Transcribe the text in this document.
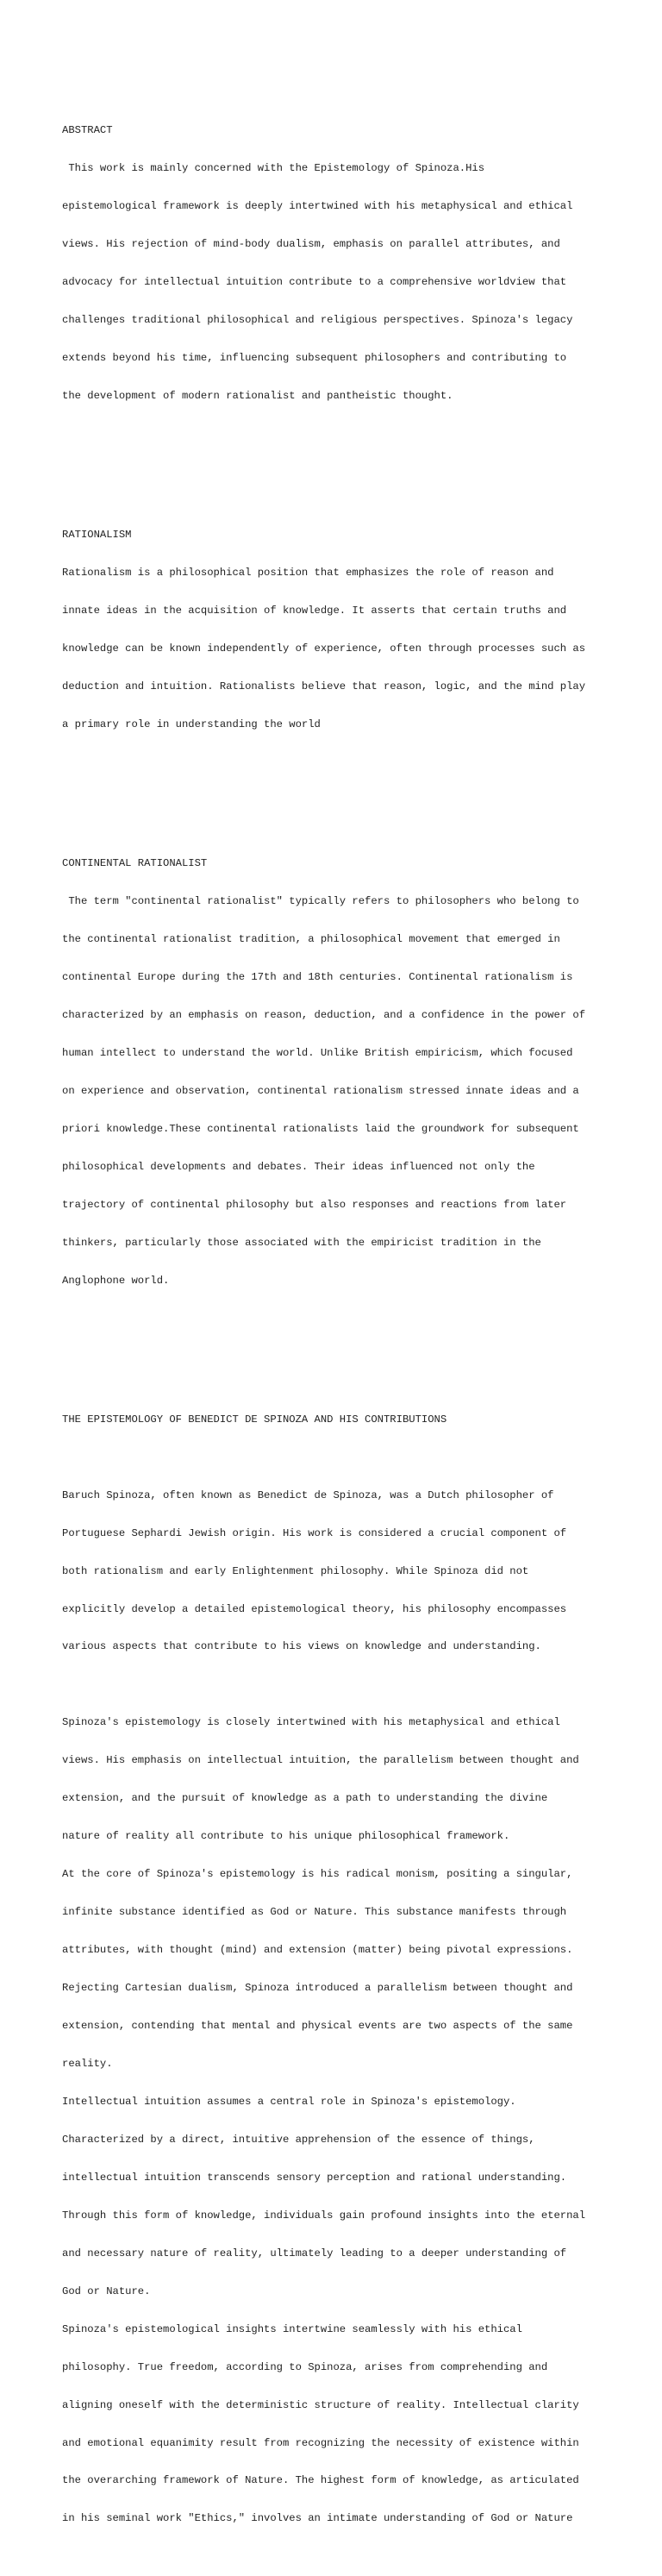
ABSTRACT

This work is mainly concerned with the Epistemology of Spinoza.His

epistemological framework is deeply intertwined with his metaphysical and ethical

views. His rejection of mind-body dualism, emphasis on parallel attributes, and

advocacy for intellectual intuition contribute to a comprehensive worldview that

challenges traditional philosophical and religious perspectives. Spinoza's legacy

extends beyond his time, influencing subsequent philosophers and contributing to

the development of modern rationalist and pantheistic thought.

RATIONALISM

Rationalism is a philosophical position that emphasizes the role of reason and

innate ideas in the acquisition of knowledge. It asserts that certain truths and

knowledge can be known independently of experience, often through processes such as

deduction and intuition. Rationalists believe that reason, logic, and the mind play

a primary role in understanding the world

CONTINENTAL RATIONALIST

The term "continental rationalist" typically refers to philosophers who belong to

the continental rationalist tradition, a philosophical movement that emerged in

continental Europe during the 17th and 18th centuries. Continental rationalism is

characterized by an emphasis on reason, deduction, and a confidence in the power of

human intellect to understand the world. Unlike British empiricism, which focused

on experience and observation, continental rationalism stressed innate ideas and a

priori knowledge.These continental rationalists laid the groundwork for subsequent

philosophical developments and debates. Their ideas influenced not only the

trajectory of continental philosophy but also responses and reactions from later

thinkers, particularly those associated with the empiricist tradition in the

Anglophone world.

THE EPISTEMOLOGY OF BENEDICT DE SPINOZA AND HIS CONTRIBUTIONS

Baruch Spinoza, often known as Benedict de Spinoza, was a Dutch philosopher of

Portuguese Sephardi Jewish origin. His work is considered a crucial component of

both rationalism and early Enlightenment philosophy. While Spinoza did not

explicitly develop a detailed epistemological theory, his philosophy encompasses

various aspects that contribute to his views on knowledge and understanding.

Spinoza's epistemology is closely intertwined with his metaphysical and ethical

views. His emphasis on intellectual intuition, the parallelism between thought and

extension, and the pursuit of knowledge as a path to understanding the divine

nature of reality all contribute to his unique philosophical framework.

At the core of Spinoza's epistemology is his radical monism, positing a singular,

infinite substance identified as God or Nature. This substance manifests through

attributes, with thought (mind) and extension (matter) being pivotal expressions.

Rejecting Cartesian dualism, Spinoza introduced a parallelism between thought and

extension, contending that mental and physical events are two aspects of the same

reality.

Intellectual intuition assumes a central role in Spinoza's epistemology.

Characterized by a direct, intuitive apprehension of the essence of things,

intellectual intuition transcends sensory perception and rational understanding.

Through this form of knowledge, individuals gain profound insights into the eternal

and necessary nature of reality, ultimately leading to a deeper understanding of

God or Nature.

Spinoza's epistemological insights intertwine seamlessly with his ethical

philosophy. True freedom, according to Spinoza, arises from comprehending and

aligning oneself with the deterministic structure of reality. Intellectual clarity

and emotional equanimity result from recognizing the necessity of existence within

the overarching framework of Nature. The highest form of knowledge, as articulated

in his seminal work "Ethics," involves an intimate understanding of God or Nature
